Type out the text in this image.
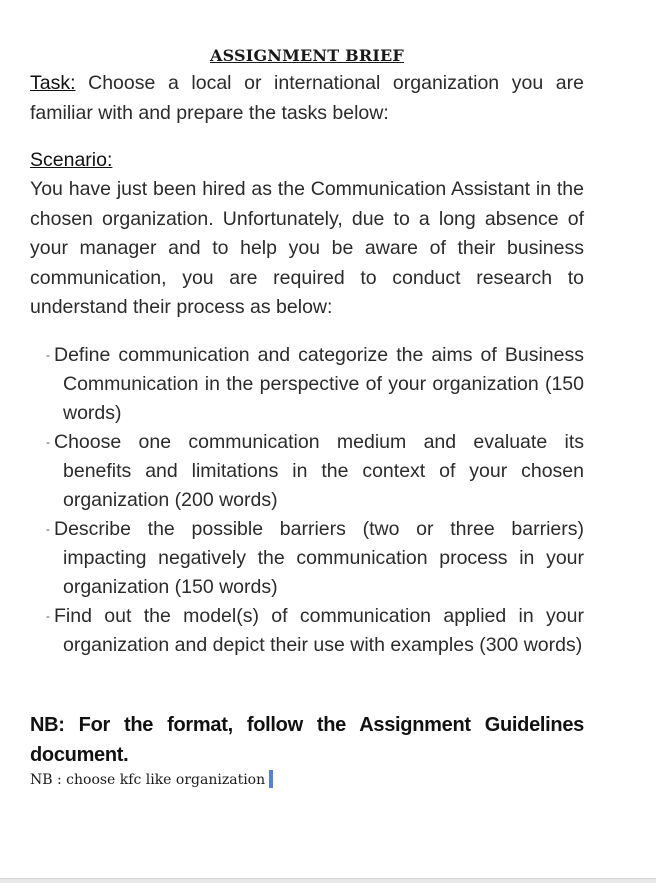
ASSIGNMENT BRIEF
Task: Choose a local or international organization you are familiar with and prepare the tasks below:
Scenario:
You have just been hired as the Communication Assistant in the chosen organization. Unfortunately, due to a long absence of your manager and to help you be aware of their business communication, you are required to conduct research to understand their process as below:
- Define communication and categorize the aims of Business Communication in the perspective of your organization (150 words)
- Choose one communication medium and evaluate its benefits and limitations in the context of your chosen organization (200 words)
- Describe the possible barriers (two or three barriers) impacting negatively the communication process in your organization (150 words)
- Find out the model(s) of communication applied in your organization and depict their use with examples (300 words)
NB: For the format, follow the Assignment Guidelines document.
NB : choose kfc like organization
